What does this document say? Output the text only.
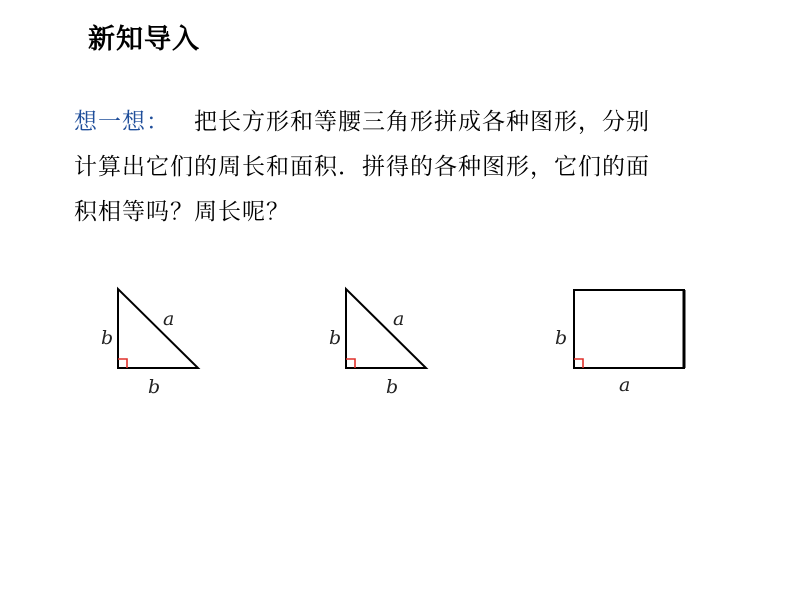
新知导入

想一想： 把长方形和等腰三角形拼成各种图形，分别
计算出它们的周长和面积．拼得的各种图形，它们的面
积相等吗？周长呢？

b
b
a
b
b
a
b
a
